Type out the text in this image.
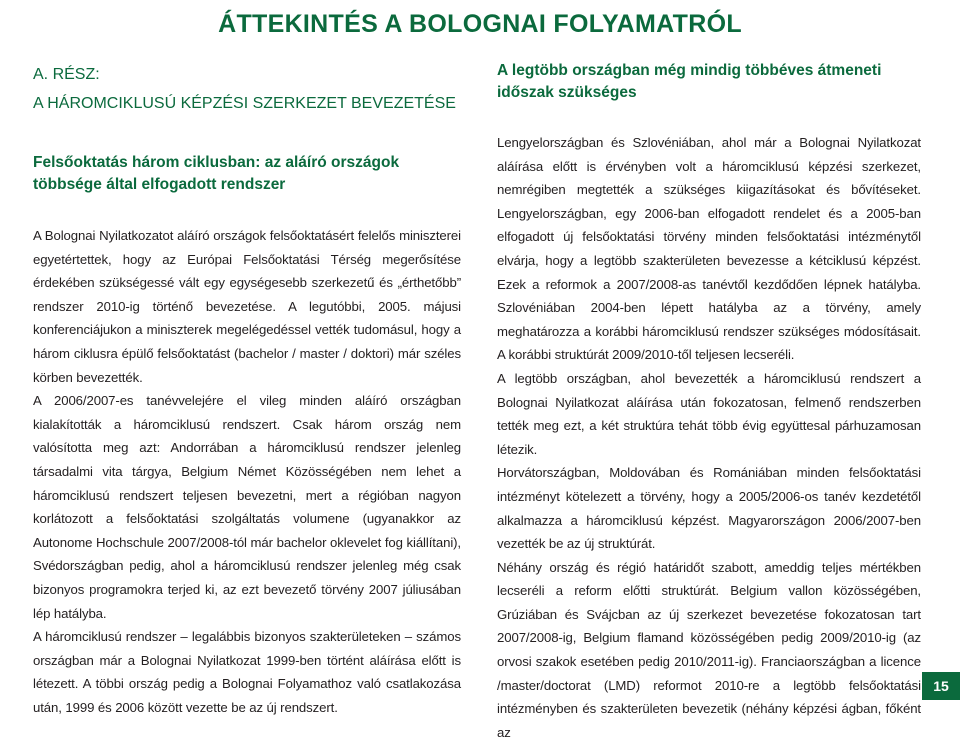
ÁTTEKINTÉS A BOLOGNAI FOLYAMATRÓL

A. RÉSZ:

A HÁROMCIKLUSÚ KÉPZÉSI SZERKEZET BEVEZETÉSE

Felsőoktatás három ciklusban: az aláíró országok többsége által elfogadott rendszer

A Bolognai Nyilatkozatot aláíró országok felsőoktatásért felelős miniszterei egyetértettek, hogy az Európai Felsőoktatási Térség megerősítése érdekében szükségessé vált egy egységesebb szerkezetű és „érthetőbb” rendszer 2010-ig történő bevezetése. A legutóbbi, 2005. májusi konferenciájukon a miniszterek megelégedéssel vették tudomásul, hogy a három ciklusra épülő felsőoktatást (bachelor / master / doktori) már széles körben bevezették.

A 2006/2007-es tanévvelejére el vileg minden aláíró országban kialakították a háromciklusú rendszert. Csak három ország nem valósította meg azt: Andorrában a háromciklusú rendszer jelenleg társadalmi vita tárgya, Belgium Német Közösségében nem lehet a háromciklusú rendszert teljesen bevezetni, mert a régióban nagyon korlátozott a felsőoktatási szolgáltatás volumene (ugyanakkor az Autonome Hochschule 2007/2008-tól már bachelor oklevelet fog kiállítani), Svédországban pedig, ahol a háromciklusú rendszer jelenleg még csak bizonyos programokra terjed ki, az ezt bevezető törvény 2007 júliusában lép hatályba.

A háromciklusú rendszer – legalábbis bizonyos szakterületeken – számos országban már a Bolognai Nyilatkozat 1999-ben történt aláírása előtt is létezett. A többi ország pedig a Bolognai Folyamathoz való csatlakozása után, 1999 és 2006 között vezette be az új rendszert.

A legtöbb országban még mindig többéves átmeneti időszak szükséges

Lengyelországban és Szlovéniában, ahol már a Bolognai Nyilatkozat aláírása előtt is érvényben volt a háromciklusú képzési szerkezet, nemrégiben megtették a szükséges kiigazításokat és bővítéseket. Lengyelországban, egy 2006-ban elfogadott rendelet és a 2005-ban elfogadott új felsőoktatási törvény minden felsőoktatási intézménytől elvárja, hogy a legtöbb szakterületen bevezesse a kétciklusú képzést. Ezek a reformok a 2007/2008-as tanévtől kezdődően lépnek hatályba. Szlovéniában 2004-ben lépett hatályba az a törvény, amely meghatározza a korábbi háromciklusú rendszer szükséges módosításait. A korábbi struktúrát 2009/2010-től teljesen lecseréli.

A legtöbb országban, ahol bevezették a háromciklusú rendszert a Bolognai Nyilatkozat aláírása után fokozatosan, felmenő rendszerben tették meg ezt, a két struktúra tehát több évig együttesal párhuzamosan létezik.

Horvátországban, Moldovában és Romániában minden felsőoktatási intézményt kötelezett a törvény, hogy a 2005/2006-os tanév kezdetétől alkalmazza a háromciklusú képzést. Magyarországon 2006/2007-ben vezették be az új struktúrát.

Néhány ország és régió határidőt szabott, ameddig teljes mértékben lecseréli a reform előtti struktúrát. Belgium vallon közösségében, Grúziában és Svájcban az új szerkezet bevezetése fokozatosan tart 2007/2008-ig, Belgium flamand közösségében pedig 2009/2010-ig (az orvosi szakok esetében pedig 2010/2011-ig). Franciaországban a licence /master/doctorat (LMD) reformot 2010-re a legtöbb felsőoktatási intézményben és szakterületen bevezetik (néhány képzési ágban, főként az

15
